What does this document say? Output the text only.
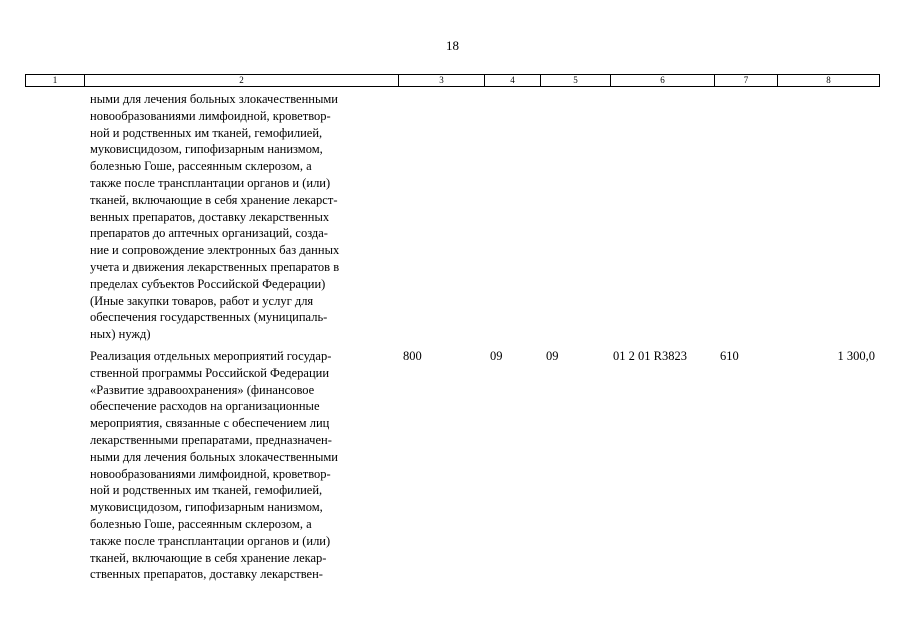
18
1	2	3	4	5	6	7	8
ными для лечения больных злокачественными
новообразованиями лимфоидной, кроветвор-
ной и родственных им тканей, гемофилией,
муковисцидозом, гипофизарным нанизмом,
болезнью Гоше, рассеянным склерозом, а
также после трансплантации органов и (или)
тканей, включающие в себя хранение лекарст-
венных препаратов, доставку лекарственных
препаратов до аптечных организаций, созда-
ние и сопровождение электронных баз данных
учета и движения лекарственных препаратов в
пределах субъектов Российской Федерации)
(Иные закупки товаров, работ и услуг для
обеспечения государственных (муниципаль-
ных) нужд)
Реализация отдельных мероприятий государ-
ственной программы Российской Федерации
«Развитие здравоохранения» (финансовое
обеспечение расходов на организационные
мероприятия, связанные с обеспечением лиц
лекарственными препаратами, предназначен-
ными для лечения больных злокачественными
новообразованиями лимфоидной, кроветвор-
ной и родственных им тканей, гемофилией,
муковисцидозом, гипофизарным нанизмом,
болезнью Гоше, рассеянным склерозом, а
также после трансплантации органов и (или)
тканей, включающие в себя хранение лекар-
ственных препаратов, доставку лекарствен-
800	09	09	01 2 01 R3823	610	1 300,0
